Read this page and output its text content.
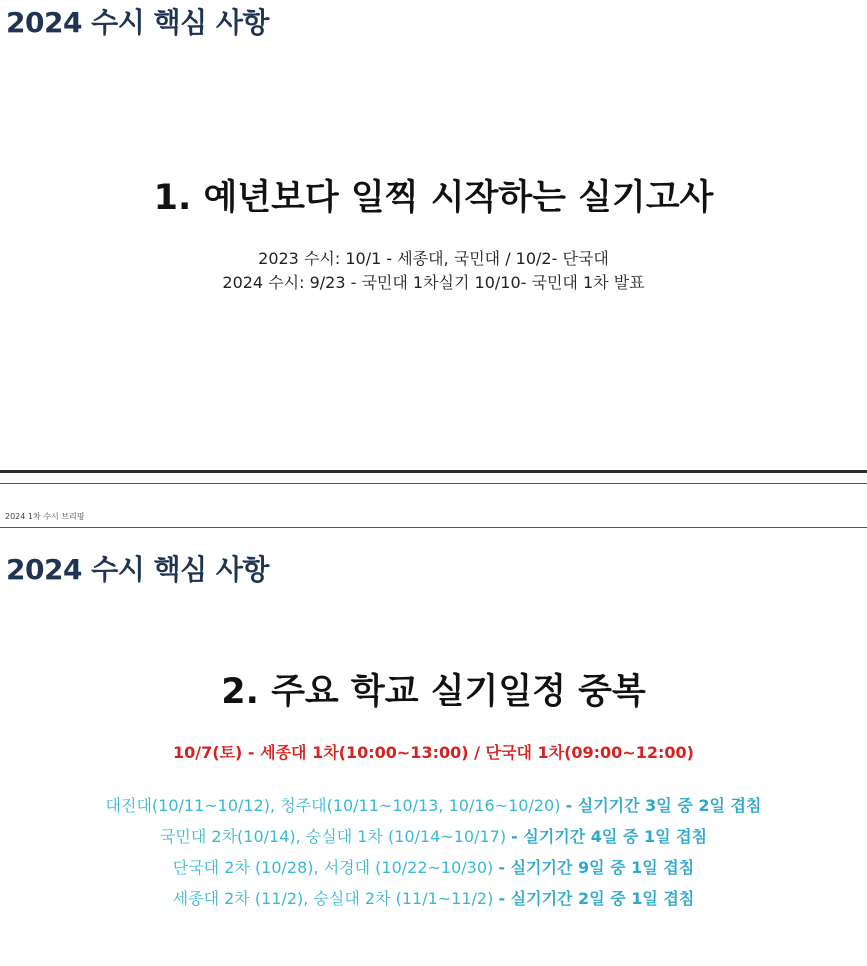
2024 수시 핵심 사항
1. 예년보다 일찍 시작하는 실기고사
2023 수시: 10/1 - 세종대, 국민대 / 10/2- 단국대
2024 수시: 9/23 - 국민대 1차실기 10/10- 국민대 1차 발표
2024 1차 수시 브리핑
2024 수시 핵심 사항
2. 주요 학교 실기일정 중복
10/7(토) - 세종대 1차(10:00~13:00) / 단국대 1차(09:00~12:00)
대진대(10/11~10/12), 청주대(10/11~10/13, 10/16~10/20) - 실기기간 3일 중 2일 겹침
국민대 2차(10/14), 숭실대 1차 (10/14~10/17) - 실기기간 4일 중 1일 겹침
단국대 2차 (10/28), 서경대 (10/22~10/30) - 실기기간 9일 중 1일 겹침
세종대 2차 (11/2), 숭실대 2차 (11/1~11/2) - 실기기간 2일 중 1일 겹침
